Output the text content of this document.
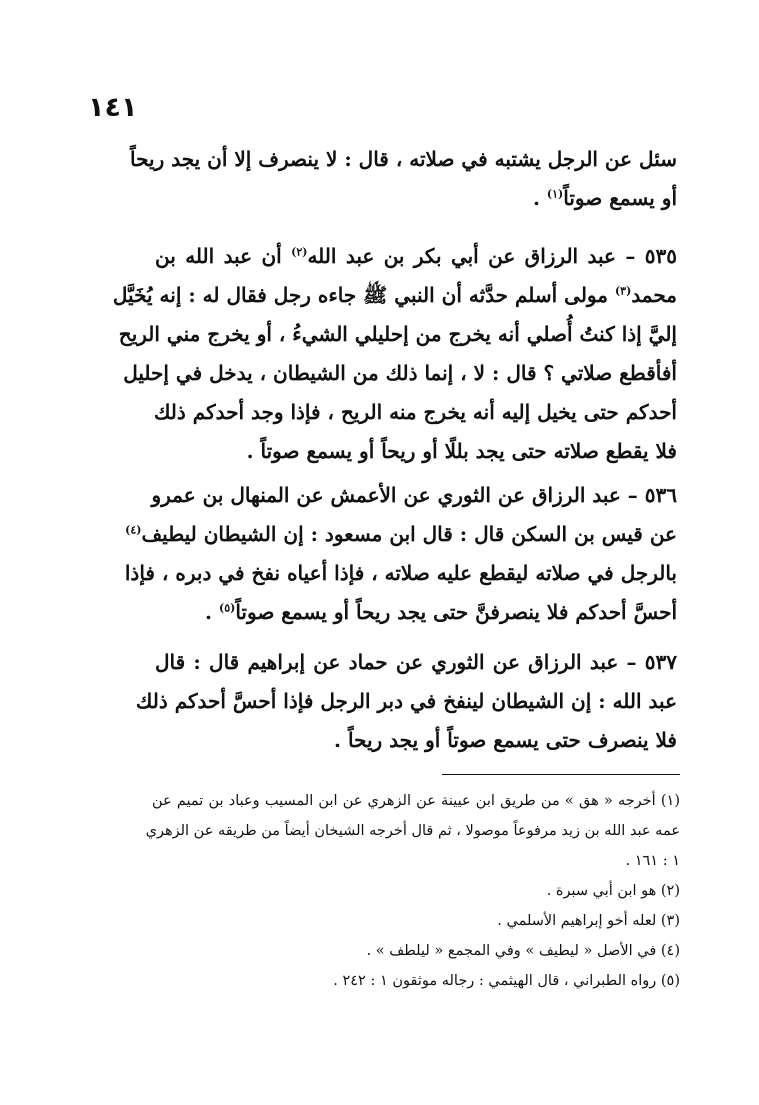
١٤١
سئل عن الرجل يشتبه في صلاته ، قال : لا ينصرف إلا أن يجد ريحاً
أو يسمع صوتاً$^{(١)}$ .
٥٣٥ – عبد الرزاق عن أبي بكر بن عبد الله$^{(٢)}$ أن عبد الله بن
محمد$^{(٣)}$ مولى أسلم حدَّثه أن النبي ﷺ جاءه رجل فقال له : إنه يُخَيَّل
إليَّ إذا كنتُ أُصلي أنه يخرج من إحليلي الشيءُ ، أو يخرج مني الريح
أفأقطع صلاتي ؟ قال : لا ، إنما ذلك من الشيطان ، يدخل في إحليل
أحدكم حتى يخيل إليه أنه يخرج منه الريح ، فإذا وجد أحدكم ذلك
فلا يقطع صلاته حتى يجد بللًا أو ريحاً أو يسمع صوتاً .
٥٣٦ – عبد الرزاق عن الثوري عن الأعمش عن المنهال بن عمرو
عن قيس بن السكن قال : قال ابن مسعود : إن الشيطان ليطيف$^{(٤)}$
بالرجل في صلاته ليقطع عليه صلاته ، فإذا أعياه نفخ في دبره ، فإذا
أحسَّ أحدكم فلا ينصرفنَّ حتى يجد ريحاً أو يسمع صوتاً$^{(٥)}$ .
٥٣٧ – عبد الرزاق عن الثوري عن حماد عن إبراهيم قال : قال
عبد الله : إن الشيطان لينفخ في دبر الرجل فإذا أحسَّ أحدكم ذلك
فلا ينصرف حتى يسمع صوتاً أو يجد ريحاً .
(١) أخرجه « هق » من طريق ابن عيينة عن الزهري عن ابن المسيب وعباد بن تميم عن
عمه عبد الله بن زيد مرفوعاً موصولا ، ثم قال أخرجه الشيخان أيضاً من طريقه عن الزهري
١ : ١٦١ .
(٢) هو ابن أبي سبرة .
(٣) لعله أخو إبراهيم الأسلمي .
(٤) في الأصل « ليطيف » وفي المجمع « ليلطف » .
(٥) رواه الطبراني ، قال الهيثمي : رجاله موثقون ١ : ٢٤٢ .
